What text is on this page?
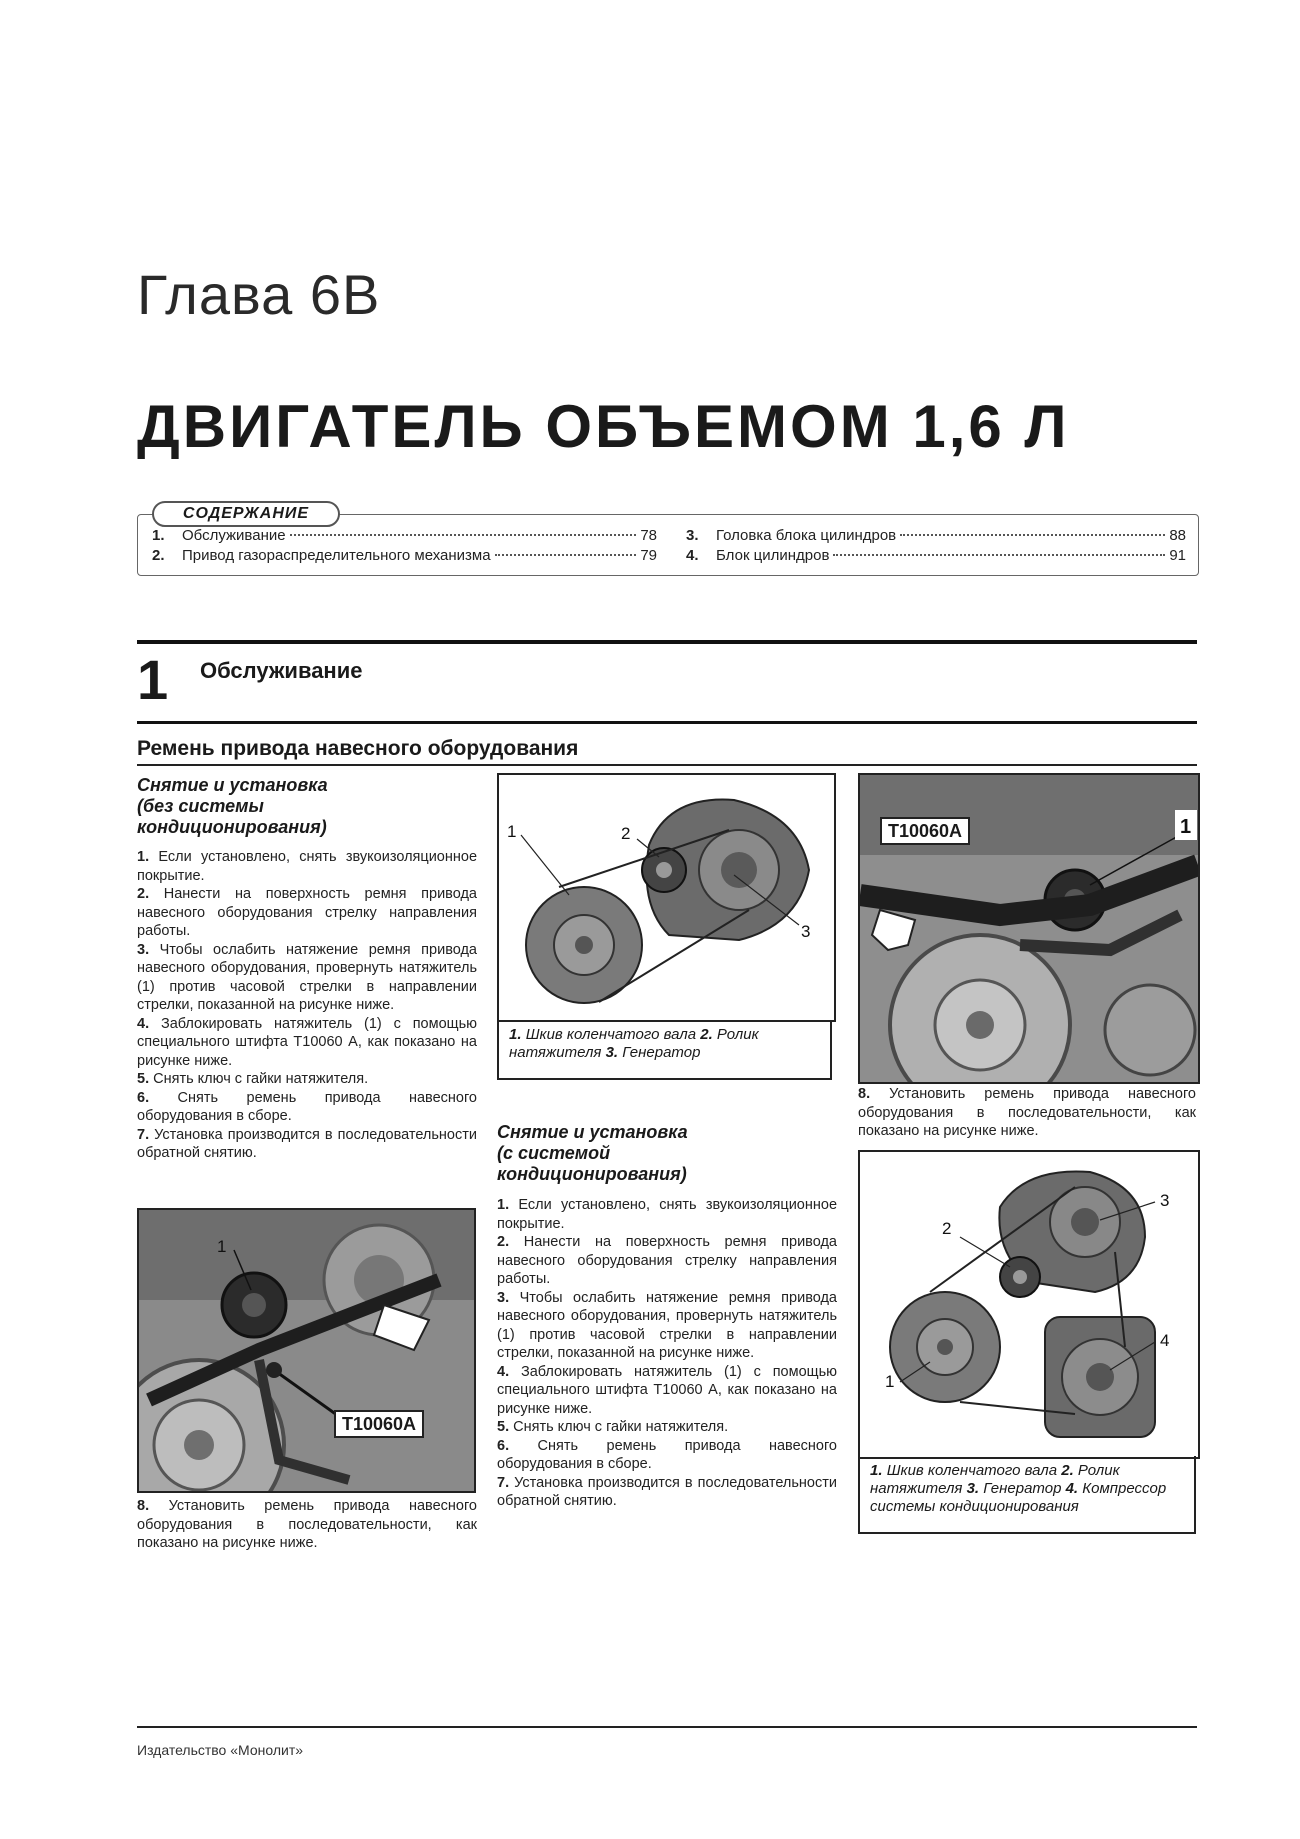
Глава 6В
ДВИГАТЕЛЬ ОБЪЕМОМ 1,6 Л
1.	Обслуживание	78
2.	Привод газораспределительного механизма	79
3.	Головка блока цилиндров	88
4.	Блок цилиндров	91
СОДЕРЖАНИЕ
1 Обслуживание
Ремень привода навесного оборудования
Снятие и установка
(без системы
кондиционирования)

1. Если установлено, снять звукоизоляционное покрытие.

2. Нанести на поверхность ремня привода навесного оборудования стрелку направления работы.

3. Чтобы ослабить натяжение ремня привода навесного оборудования, провернуть натяжитель (1) против часовой стрелки в направлении стрелки, показанной на рисунке ниже.

4. Заблокировать натяжитель (1) с помощью специального штифта Т10060 А, как показано на рисунке ниже.

5. Снять ключ с гайки натяжителя.

6. Снять ремень привода навесного оборудования в сборе.

7. Установка производится в последовательности обратной снятию.

1
T10060A

8. Установить ремень привода навесного оборудования в последовательности, как показано на рисунке ниже.

1	2
3
1. Шкив коленчатого вала 2. Ролик натяжителя 3. Генератор
Снятие и установка
(с системой
кондиционирования)

1. Если установлено, снять звукоизоляционное покрытие.

2. Нанести на поверхность ремня привода навесного оборудования стрелку направления работы.

3. Чтобы ослабить натяжение ремня привода навесного оборудования, провернуть натяжитель (1) против часовой стрелки в направлении стрелки, показанной на рисунке ниже.

4. Заблокировать натяжитель (1) с помощью специального штифта Т10060 А, как показано на рисунке ниже.

5. Снять ключ с гайки натяжителя.

6. Снять ремень привода навесного оборудования в сборе.

7. Установка производится в последовательности обратной снятию.

1
T10060A

8. Установить ремень привода навесного оборудования в последовательности, как показано на рисунке ниже.

1
2
3
4
1. Шкив коленчатого вала 2. Ролик натяжителя 3. Генератор 4. Компрессор системы кондиционирования
Издательство «Монолит»
